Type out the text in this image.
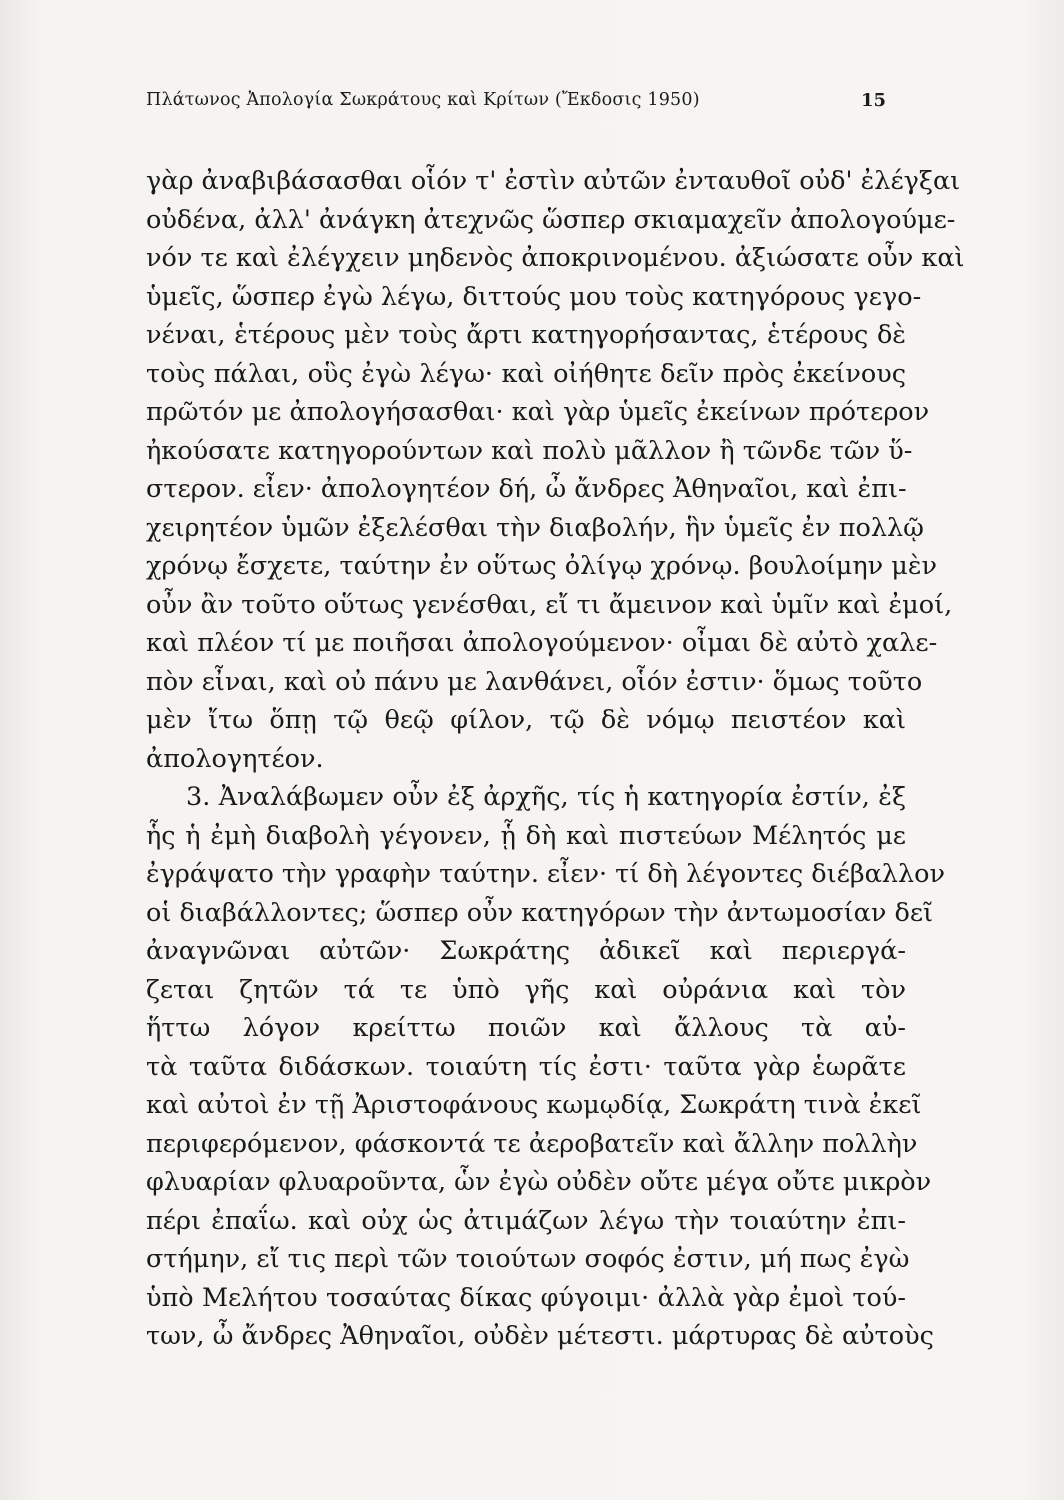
Πλάτωνος Ἀπολογία Σωκράτους καὶ Κρίτων (Ἔκδοσις 1950)	15
γὰρ ἀναβιβάσασθαι οἷόν τ' ἐστὶν αὐτῶν ἐνταυθοῖ οὐδ' ἐλέγξαι
οὐδένα, ἀλλ' ἀνάγκη ἀτεχνῶς ὥσπερ σκιαμαχεῖν ἀπολογούμε-
νόν τε καὶ ἐλέγχειν μηδενὸς ἀποκρινομένου. ἀξιώσατε οὖν καὶ
ὑμεῖς, ὥσπερ ἐγὼ λέγω, διττούς μου τοὺς κατηγόρους γεγο-
νέναι, ἑτέρους μὲν τοὺς ἄρτι κατηγορήσαντας, ἑτέρους δὲ
τοὺς πάλαι, οὓς ἐγὼ λέγω· καὶ οἰήθητε δεῖν πρὸς ἐκείνους
πρῶτόν με ἀπολογήσασθαι· καὶ γὰρ ὑμεῖς ἐκείνων πρότερον
ἠκούσατε κατηγορούντων καὶ πολὺ μᾶλλον ἢ τῶνδε τῶν ὕ-
στερον. εἶεν· ἀπολογητέον δή, ὦ ἄνδρες Ἀθηναῖοι, καὶ ἐπι-
χειρητέον ὑμῶν ἐξελέσθαι τὴν διαβολήν, ἣν ὑμεῖς ἐν πολλῷ
χρόνῳ ἔσχετε, ταύτην ἐν οὕτως ὀλίγῳ χρόνῳ. βουλοίμην μὲν
οὖν ἂν τοῦτο οὕτως γενέσθαι, εἴ τι ἄμεινον καὶ ὑμῖν καὶ ἐμοί,
καὶ πλέον τί με ποιῆσαι ἀπολογούμενον· οἶμαι δὲ αὐτὸ χαλε-
πὸν εἶναι, καὶ οὐ πάνυ με λανθάνει, οἷόν ἐστιν· ὅμως τοῦτο
μὲν ἴτω ὅπῃ τῷ θεῷ φίλον, τῷ δὲ νόμῳ πειστέον καὶ
ἀπολογητέον.
3. Ἀναλάβωμεν οὖν ἐξ ἀρχῆς, τίς ἡ κατηγορία ἐστίν, ἐξ
ἧς ἡ ἐμὴ διαβολὴ γέγονεν, ᾗ δὴ καὶ πιστεύων Μέλητός με
ἐγράψατο τὴν γραφὴν ταύτην. εἶεν· τί δὴ λέγοντες διέβαλλον
οἱ διαβάλλοντες; ὥσπερ οὖν κατηγόρων τὴν ἀντωμοσίαν δεῖ
ἀναγνῶναι αὐτῶν· Σωκράτης ἀδικεῖ καὶ περιεργά-
ζεται ζητῶν τά τε ὑπὸ γῆς καὶ οὐράνια καὶ τὸν
ἥττω λόγον κρείττω ποιῶν καὶ ἄλλους τὰ αὐ-
τὰ ταῦτα διδάσκων. τοιαύτη τίς ἐστι· ταῦτα γὰρ ἑωρᾶτε
καὶ αὐτοὶ ἐν τῇ Ἀριστοφάνους κωμῳδίᾳ, Σωκράτη τινὰ ἐκεῖ
περιφερόμενον, φάσκοντά τε ἀεροβατεῖν καὶ ἄλλην πολλὴν
φλυαρίαν φλυαροῦντα, ὧν ἐγὼ οὐδὲν οὔτε μέγα οὔτε μικρὸν
πέρι ἐπαΐω. καὶ οὐχ ὡς ἀτιμάζων λέγω τὴν τοιαύτην ἐπι-
στήμην, εἴ τις περὶ τῶν τοιούτων σοφός ἐστιν, μή πως ἐγὼ
ὑπὸ Μελήτου τοσαύτας δίκας φύγοιμι· ἀλλὰ γὰρ ἐμοὶ τού-
των, ὦ ἄνδρες Ἀθηναῖοι, οὐδὲν μέτεστι. μάρτυρας δὲ αὐτοὺς
